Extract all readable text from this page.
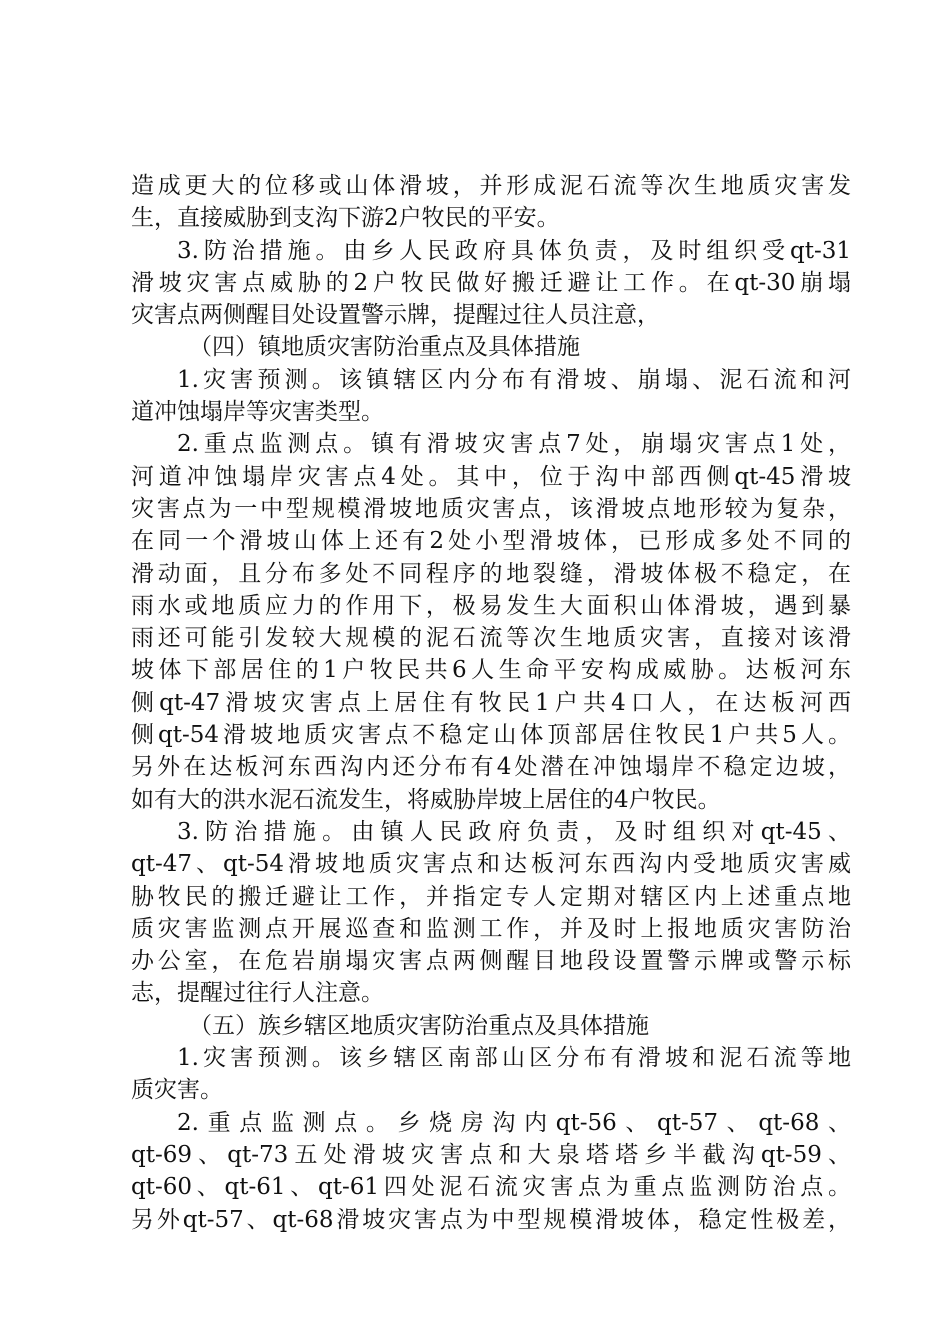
造成更大的位移或山体滑坡，并形成泥石流等次生地质灾害发
生，直接威胁到支沟下游2户牧民的平安。
3.防治措施。由乡人民政府具体负责，及时组织受qt-31
滑坡灾害点威胁的2户牧民做好搬迁避让工作。在qt-30崩塌
灾害点两侧醒目处设置警示牌，提醒过往人员注意，
（四）镇地质灾害防治重点及具体措施
1.灾害预测。该镇辖区内分布有滑坡、崩塌、泥石流和河
道冲蚀塌岸等灾害类型。
2.重点监测点。镇有滑坡灾害点7处，崩塌灾害点1处，
河道冲蚀塌岸灾害点4处。其中，位于沟中部西侧qt-45滑坡
灾害点为一中型规模滑坡地质灾害点，该滑坡点地形较为复杂，
在同一个滑坡山体上还有2处小型滑坡体，已形成多处不同的
滑动面，且分布多处不同程序的地裂缝，滑坡体极不稳定，在
雨水或地质应力的作用下，极易发生大面积山体滑坡，遇到暴
雨还可能引发较大规模的泥石流等次生地质灾害，直接对该滑
坡体下部居住的1户牧民共6人生命平安构成威胁。达板河东
侧qt-47滑坡灾害点上居住有牧民1户共4口人，在达板河西
侧qt-54滑坡地质灾害点不稳定山体顶部居住牧民1户共5人。
另外在达板河东西沟内还分布有4处潜在冲蚀塌岸不稳定边坡，
如有大的洪水泥石流发生，将威胁岸坡上居住的4户牧民。
3.防治措施。由镇人民政府负责，及时组织对qt-45、
qt-47、qt-54滑坡地质灾害点和达板河东西沟内受地质灾害威
胁牧民的搬迁避让工作，并指定专人定期对辖区内上述重点地
质灾害监测点开展巡查和监测工作，并及时上报地质灾害防治
办公室，在危岩崩塌灾害点两侧醒目地段设置警示牌或警示标
志，提醒过往行人注意。
（五）族乡辖区地质灾害防治重点及具体措施
1.灾害预测。该乡辖区南部山区分布有滑坡和泥石流等地
质灾害。
2.重点监测点。乡烧房沟内qt-56、qt-57、qt-68、
qt-69、qt-73五处滑坡灾害点和大泉塔塔乡半截沟qt-59、
qt-60、qt-61、qt-61四处泥石流灾害点为重点监测防治点。
另外qt-57、qt-68滑坡灾害点为中型规模滑坡体，稳定性极差，
